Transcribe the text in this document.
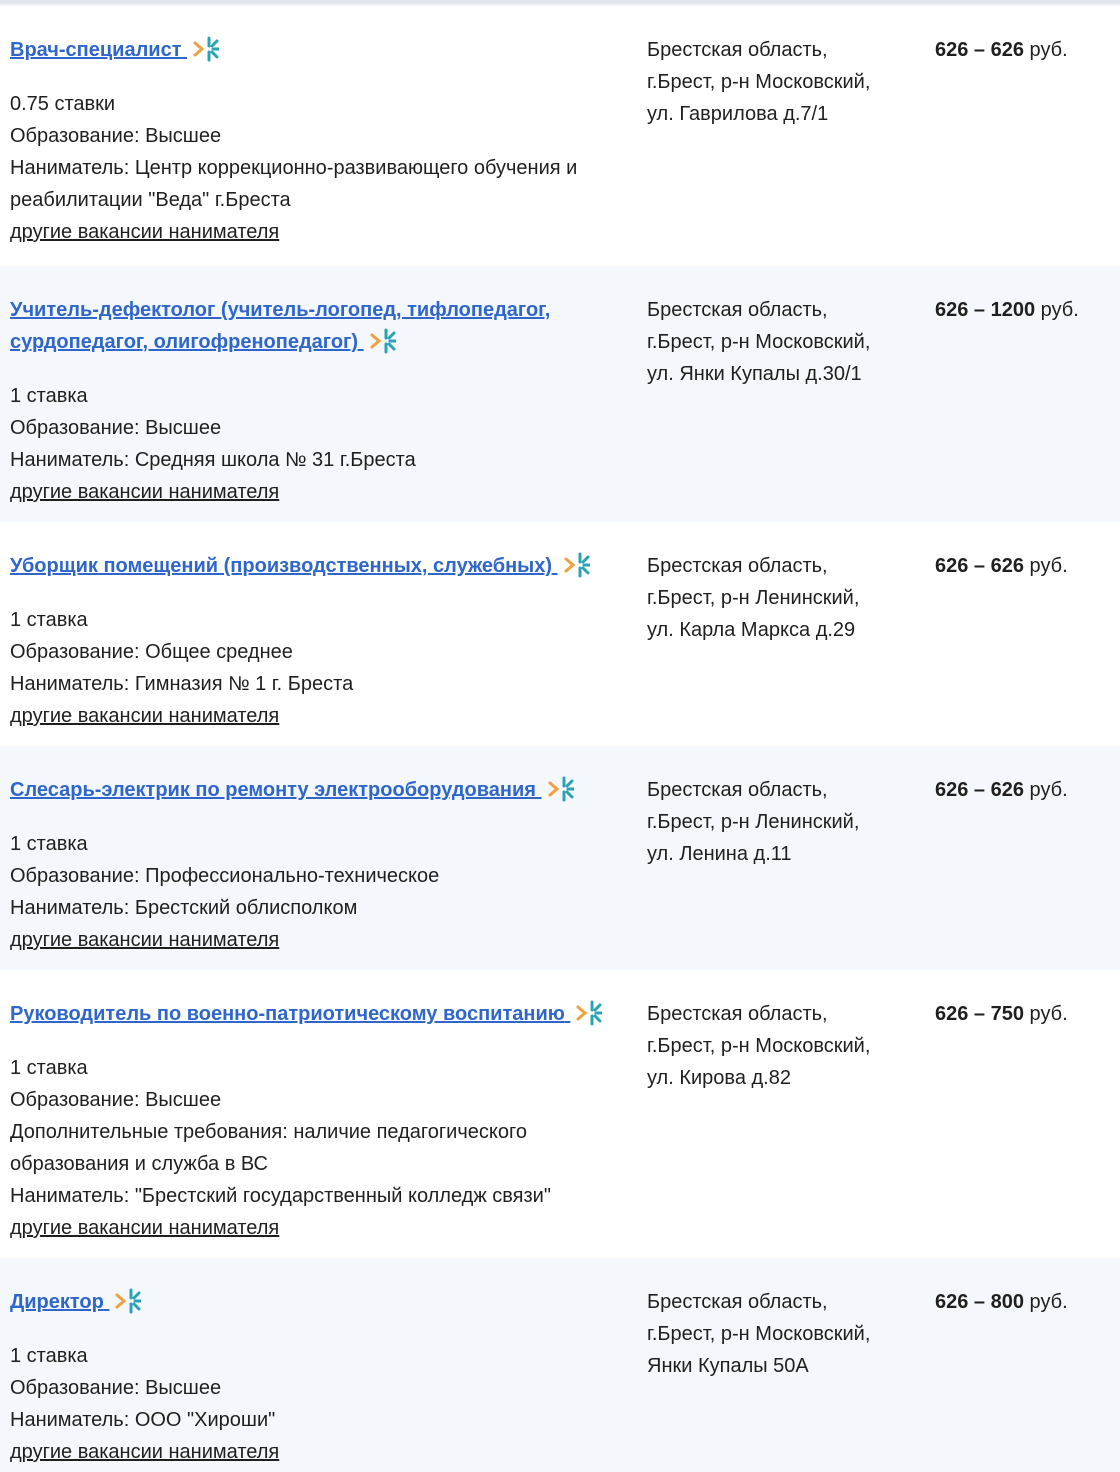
Врач-специалист
0.75 ставки
Образование: Высшее
Наниматель: Центр коррекционно-развивающего обучения и реабилитации "Веда" г.Бреста
другие вакансии нанимателя
Брестская область,
г.Брест, р-н Московский,
ул. Гаврилова д.7/1
626 – 626 руб.
Учитель-дефектолог (учитель-логопед, тифлопедагог, сурдопедагог, олигофренопедагог)
1 ставка
Образование: Высшее
Наниматель: Средняя школа № 31 г.Бреста
другие вакансии нанимателя
Брестская область,
г.Брест, р-н Московский,
ул. Янки Купалы д.30/1
626 – 1200 руб.
Уборщик помещений (производственных, служебных)
1 ставка
Образование: Общее среднее
Наниматель: Гимназия № 1 г. Бреста
другие вакансии нанимателя
Брестская область,
г.Брест, р-н Ленинский,
ул. Карла Маркса д.29
626 – 626 руб.
Слесарь-электрик по ремонту электрооборудования
1 ставка
Образование: Профессионально-техническое
Наниматель: Брестский облисполком
другие вакансии нанимателя
Брестская область,
г.Брест, р-н Ленинский,
ул. Ленина д.11
626 – 626 руб.
Руководитель по военно-патриотическому воспитанию
1 ставка
Образование: Высшее
Дополнительные требования: наличие педагогического образования и служба в ВС
Наниматель: "Брестский государственный колледж связи"
другие вакансии нанимателя
Брестская область,
г.Брест, р-н Московский,
ул. Кирова д.82
626 – 750 руб.
Директор
1 ставка
Образование: Высшее
Наниматель: ООО "Хироши"
другие вакансии нанимателя
Брестская область,
г.Брест, р-н Московский,
Янки Купалы 50А
626 – 800 руб.
